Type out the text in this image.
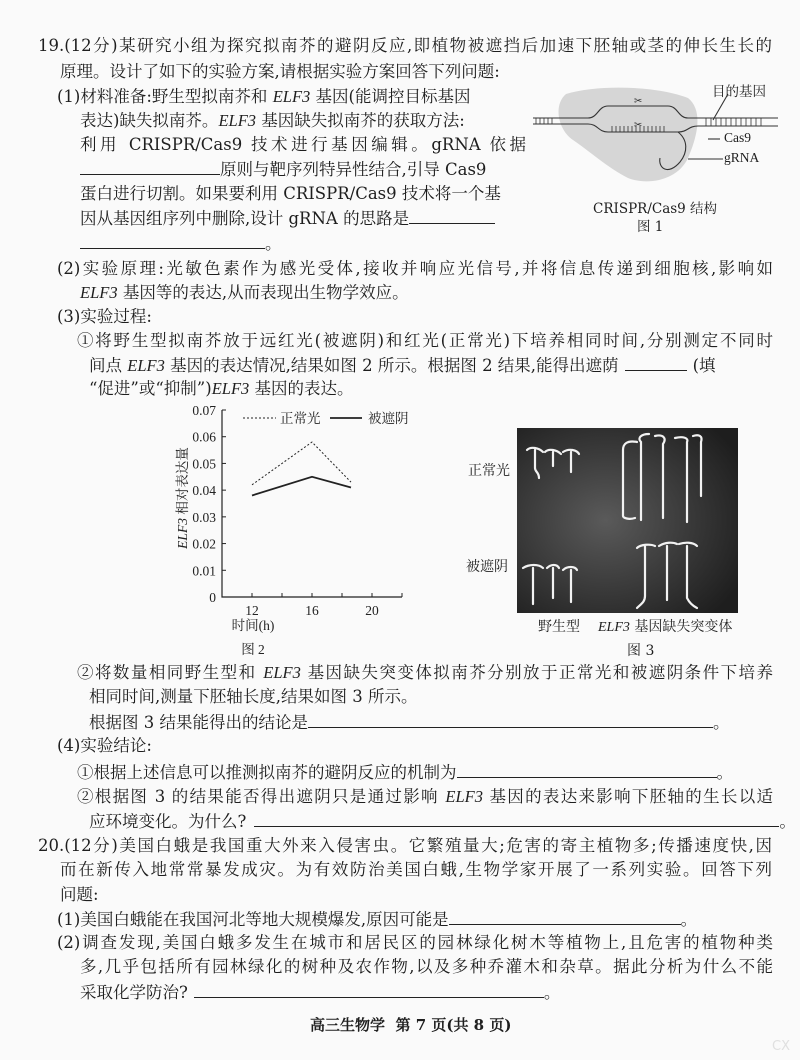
19.(12分)某研究小组为探究拟南芥的避阴反应,即植物被遮挡后加速下胚轴或茎的伸长生长的
原理。设计了如下的实验方案,请根据实验方案回答下列问题:
(1)材料准备:野生型拟南芥和 ELF3 基因(能调控目标基因
表达)缺失拟南芥。ELF3 基因缺失拟南芥的获取方法:
利用 CRISPR/Cas9 技术进行基因编辑。gRNA 依据
原则与靶序列特异性结合,引导 Cas9
蛋白进行切割。如果要利用 CRISPR/Cas9 技术将一个基
因从基因组序列中删除,设计 gRNA 的思路是
。
✂
✂
目的基因
Cas9
gRNA
CRISPR/Cas9 结构
图 1
(2)实验原理:光敏色素作为感光受体,接收并响应光信号,并将信息传递到细胞核,影响如
ELF3 基因等的表达,从而表现出生物学效应。
(3)实验过程:
①将野生型拟南芥放于远红光(被遮阴)和红光(正常光)下培养相同时间,分别测定不同时
间点 ELF3 基因的表达情况,结果如图 2 所示。根据图 2 结果,能得出遮荫	(填
“促进”或“抑制”)ELF3 基因的表达。
0
0.01
0.02
0.03
0.04
0.05
0.06
0.07
12	16	20
ELF3 相对表达量
时间(h)
图 2
正常光	被遮阴
正常光
被遮阴
野生型 ELF3 基因缺失突变体
图 3
②将数量相同野生型和 ELF3 基因缺失突变体拟南芥分别放于正常光和被遮阴条件下培养
相同时间,测量下胚轴长度,结果如图 3 所示。
根据图 3 结果能得出的结论是	。
(4)实验结论:
①根据上述信息可以推测拟南芥的避阴反应的机制为	。
②根据图 3 的结果能否得出遮阴只是通过影响 ELF3 基因的表达来影响下胚轴的生长以适
应环境变化。为什么?	。
20.(12分)美国白蛾是我国重大外来入侵害虫。它繁殖量大;危害的寄主植物多;传播速度快,因
而在新传入地常常暴发成灾。为有效防治美国白蛾,生物学家开展了一系列实验。回答下列
问题:
(1)美国白蛾能在我国河北等地大规模爆发,原因可能是	。
(2)调查发现,美国白蛾多发生在城市和居民区的园林绿化树木等植物上,且危害的植物种类
多,几乎包括所有园林绿化的树种及农作物,以及多种乔灌木和杂草。据此分析为什么不能
采取化学防治?	。
高三生物学 第 7 页(共 8 页)
CX
